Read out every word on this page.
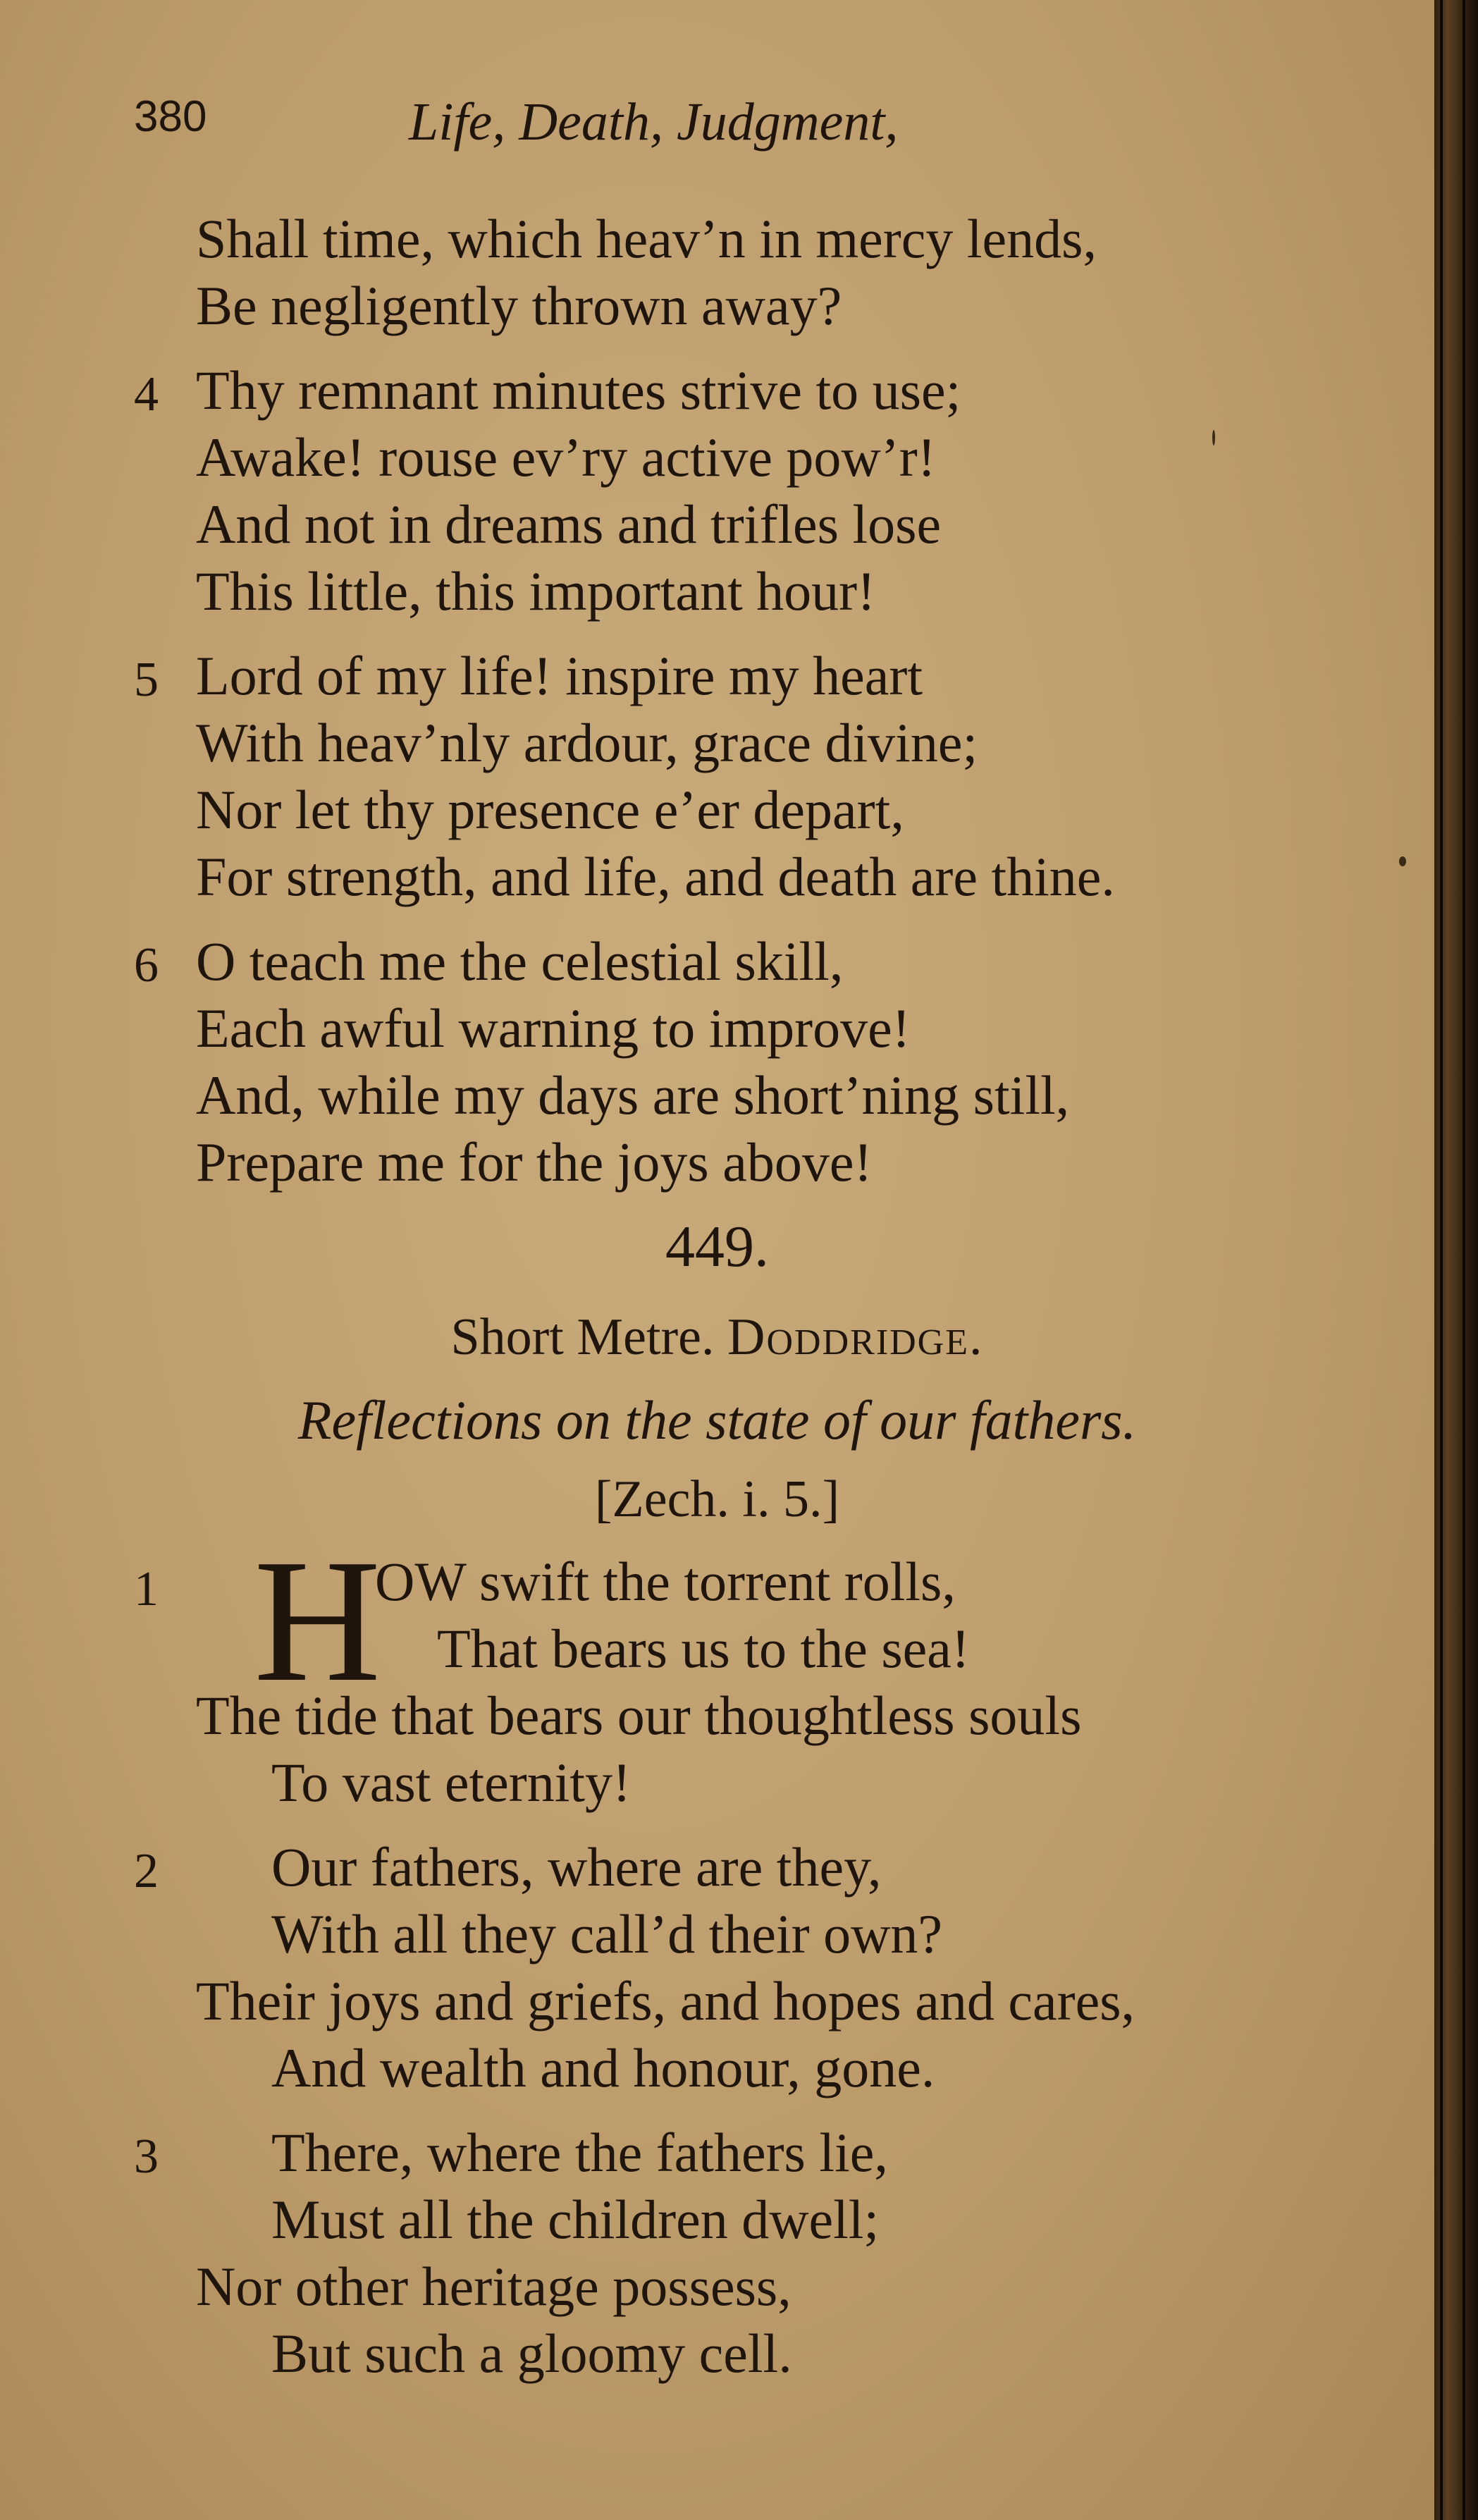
380	Life, Death, Judgment,
Shall time, which heav’n in mercy lends,
Be negligently thrown away?
4 Thy remnant minutes strive to use;
Awake! rouse ev’ry active pow’r!
And not in dreams and trifles lose
This little, this important hour!
5 Lord of my life! inspire my heart
With heav’nly ardour, grace divine;
Nor let thy presence e’er depart,
For strength, and life, and death are thine.
6 O teach me the celestial skill,
Each awful warning to improve!
And, while my days are short’ning still,
Prepare me for the joys above!
449.
Short Metre. Doddridge.
Reflections on the state of our fathers.
[Zech. i. 5.]
1 H
OW swift the torrent rolls,
That bears us to the sea!
The tide that bears our thoughtless souls
To vast eternity!
2 Our fathers, where are they,
With all they call’d their own?
Their joys and griefs, and hopes and cares,
And wealth and honour, gone.
3 There, where the fathers lie,
Must all the children dwell;
Nor other heritage possess,
But such a gloomy cell.
